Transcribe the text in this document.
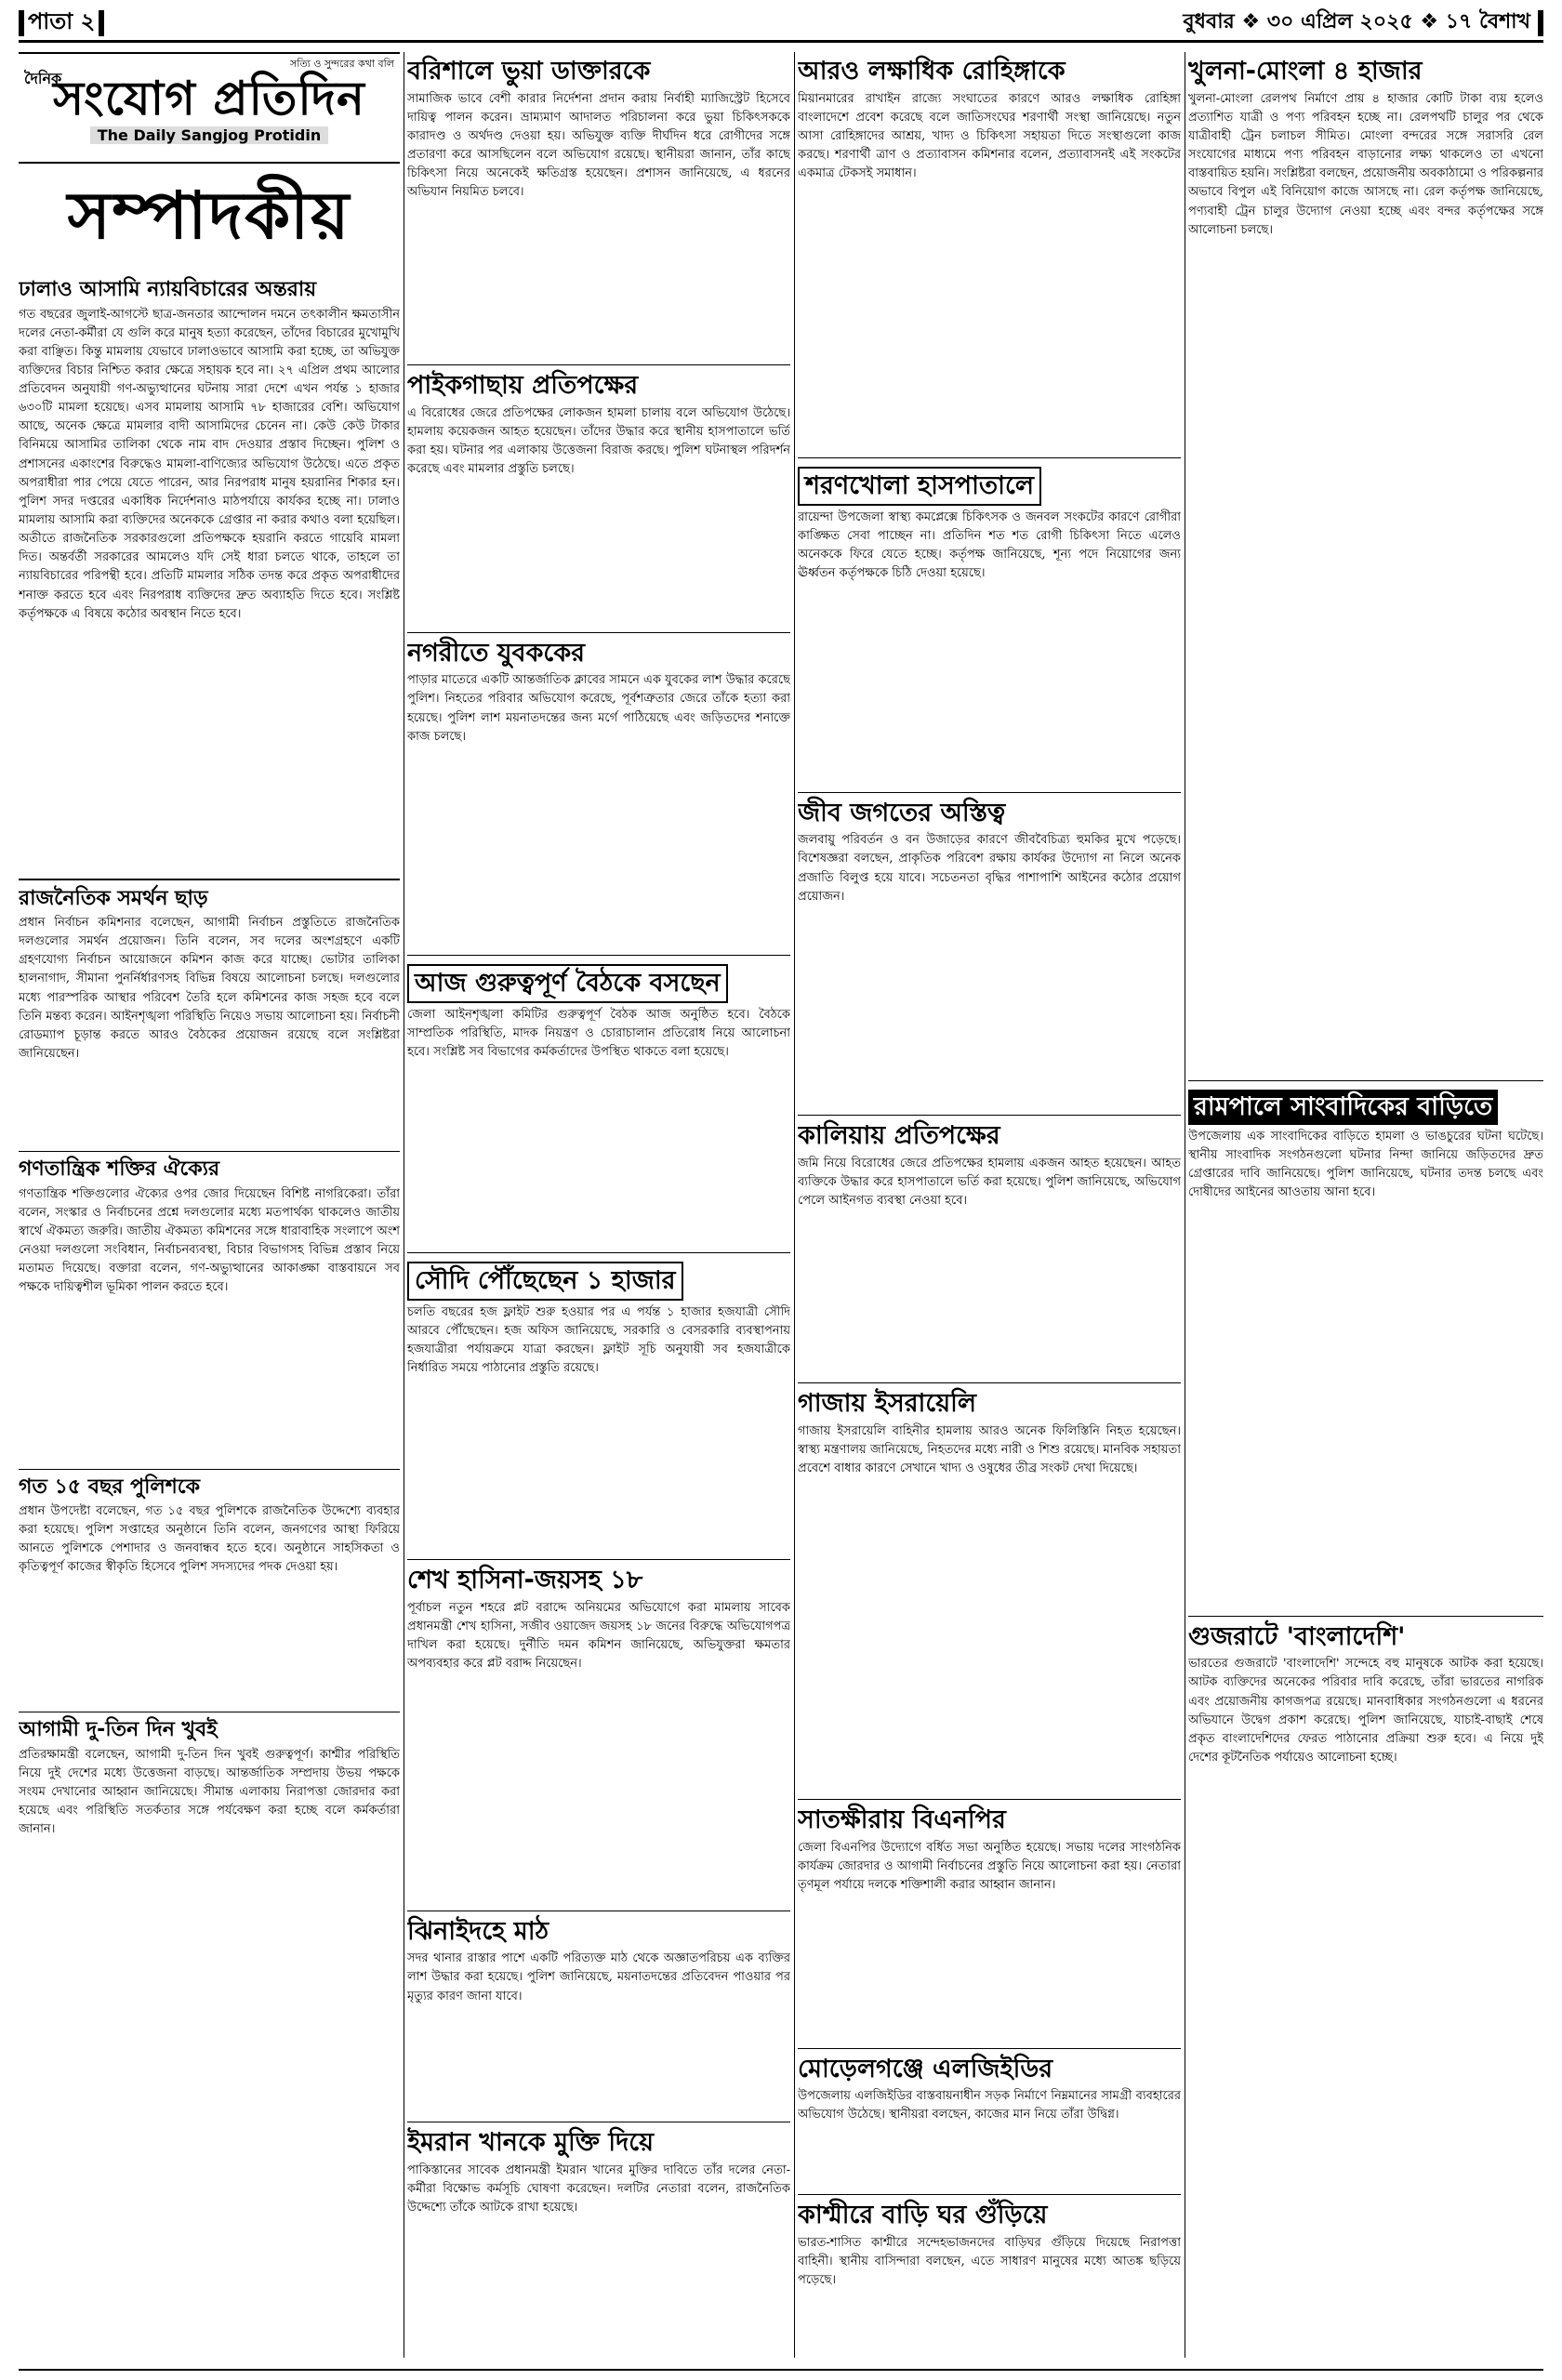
পাতা ২	বুধবার ❖ ৩০ এপ্রিল ২০২৫ ❖ ১৭ বৈশাখ
সত্যি ও সুন্দরের কথা বলি
দৈনিক
সংযোগ প্রতিদিন
The Daily Sangjog Protidin
সম্পাদকীয়
ঢালাও আসামি ন্যায়বিচারের অন্তরায়
গত বছরের জুলাই-আগস্টে ছাত্র-জনতার আন্দোলন দমনে তৎকালীন ক্ষমতাসীন দলের নেতা-কর্মীরা যে গুলি করে মানুষ হত্যা করেছেন, তাঁদের বিচারের মুখোমুখি করা বাঞ্ছিত। কিন্তু মামলায় যেভাবে ঢালাওভাবে আসামি করা হচ্ছে, তা অভিযুক্ত ব্যক্তিদের বিচার নিশ্চিত করার ক্ষেত্রে সহায়ক হবে না। ২৭ এপ্রিল প্রথম আলোর প্রতিবেদন অনুযায়ী গণ-অভ্যুত্থানের ঘটনায় সারা দেশে এখন পর্যন্ত ১ হাজার ৬৩০টি মামলা হয়েছে। এসব মামলায় আসামি ৭৮ হাজারের বেশি। অভিযোগ আছে, অনেক ক্ষেত্রে মামলার বাদী আসামিদের চেনেন না। কেউ কেউ টাকার বিনিময়ে আসামির তালিকা থেকে নাম বাদ দেওয়ার প্রস্তাব দিচ্ছেন। পুলিশ ও প্রশাসনের একাংশের বিরুদ্ধেও মামলা-বাণিজ্যের অভিযোগ উঠেছে। এতে প্রকৃত অপরাধীরা পার পেয়ে যেতে পারেন, আর নিরপরাধ মানুষ হয়রানির শিকার হন। পুলিশ সদর দপ্তরের একাধিক নির্দেশনাও মাঠপর্যায়ে কার্যকর হচ্ছে না। ঢালাও মামলায় আসামি করা ব্যক্তিদের অনেককে গ্রেপ্তার না করার কথাও বলা হয়েছিল। অতীতে রাজনৈতিক সরকারগুলো প্রতিপক্ষকে হয়রানি করতে গায়েবি মামলা দিত। অন্তর্বর্তী সরকারের আমলেও যদি সেই ধারা চলতে থাকে, তাহলে তা ন্যায়বিচারের পরিপন্থী হবে। প্রতিটি মামলার সঠিক তদন্ত করে প্রকৃত অপরাধীদের শনাক্ত করতে হবে এবং নিরপরাধ ব্যক্তিদের দ্রুত অব্যাহতি দিতে হবে। সংশ্লিষ্ট কর্তৃপক্ষকে এ বিষয়ে কঠোর অবস্থান নিতে হবে।
রাজনৈতিক সমর্থন ছাড়
প্রধান নির্বাচন কমিশনার বলেছেন, আগামী নির্বাচন প্রস্তুতিতে রাজনৈতিক দলগুলোর সমর্থন প্রয়োজন। তিনি বলেন, সব দলের অংশগ্রহণে একটি গ্রহণযোগ্য নির্বাচন আয়োজনে কমিশন কাজ করে যাচ্ছে। ভোটার তালিকা হালনাগাদ, সীমানা পুনর্নির্ধারণসহ বিভিন্ন বিষয়ে আলোচনা চলছে। দলগুলোর মধ্যে পারস্পরিক আস্থার পরিবেশ তৈরি হলে কমিশনের কাজ সহজ হবে বলে তিনি মন্তব্য করেন। আইনশৃঙ্খলা পরিস্থিতি নিয়েও সভায় আলোচনা হয়। নির্বাচনী রোডম্যাপ চূড়ান্ত করতে আরও বৈঠকের প্রয়োজন রয়েছে বলে সংশ্লিষ্টরা জানিয়েছেন।
গণতান্ত্রিক শক্তির ঐক্যের
গণতান্ত্রিক শক্তিগুলোর ঐক্যের ওপর জোর দিয়েছেন বিশিষ্ট নাগরিকেরা। তাঁরা বলেন, সংস্কার ও নির্বাচনের প্রশ্নে দলগুলোর মধ্যে মতপার্থক্য থাকলেও জাতীয় স্বার্থে ঐকমত্য জরুরি। জাতীয় ঐকমত্য কমিশনের সঙ্গে ধারাবাহিক সংলাপে অংশ নেওয়া দলগুলো সংবিধান, নির্বাচনব্যবস্থা, বিচার বিভাগসহ বিভিন্ন প্রস্তাব নিয়ে মতামত দিয়েছে। বক্তারা বলেন, গণ-অভ্যুত্থানের আকাঙ্ক্ষা বাস্তবায়নে সব পক্ষকে দায়িত্বশীল ভূমিকা পালন করতে হবে।
গত ১৫ বছর পুলিশকে
প্রধান উপদেষ্টা বলেছেন, গত ১৫ বছর পুলিশকে রাজনৈতিক উদ্দেশ্যে ব্যবহার করা হয়েছে। পুলিশ সপ্তাহের অনুষ্ঠানে তিনি বলেন, জনগণের আস্থা ফিরিয়ে আনতে পুলিশকে পেশাদার ও জনবান্ধব হতে হবে। অনুষ্ঠানে সাহসিকতা ও কৃতিত্বপূর্ণ কাজের স্বীকৃতি হিসেবে পুলিশ সদস্যদের পদক দেওয়া হয়।
আগামী দু-তিন দিন খুবই
প্রতিরক্ষামন্ত্রী বলেছেন, আগামী দু-তিন দিন খুবই গুরুত্বপূর্ণ। কাশ্মীর পরিস্থিতি নিয়ে দুই দেশের মধ্যে উত্তেজনা বাড়ছে। আন্তর্জাতিক সম্প্রদায় উভয় পক্ষকে সংযম দেখানোর আহ্বান জানিয়েছে। সীমান্ত এলাকায় নিরাপত্তা জোরদার করা হয়েছে এবং পরিস্থিতি সতর্কতার সঙ্গে পর্যবেক্ষণ করা হচ্ছে বলে কর্মকর্তারা জানান।
বরিশালে ভুয়া ডাক্তারকে
সামাজিক ভাবে বেশী কারার নির্দেশনা প্রদান করায় নির্বাহী ম্যাজিস্ট্রেট হিসেবে দায়িত্ব পালন করেন। ভ্রাম্যমাণ আদালত পরিচালনা করে ভুয়া চিকিৎসককে কারাদণ্ড ও অর্থদণ্ড দেওয়া হয়। অভিযুক্ত ব্যক্তি দীর্ঘদিন ধরে রোগীদের সঙ্গে প্রতারণা করে আসছিলেন বলে অভিযোগ রয়েছে। স্থানীয়রা জানান, তাঁর কাছে চিকিৎসা নিয়ে অনেকেই ক্ষতিগ্রস্ত হয়েছেন। প্রশাসন জানিয়েছে, এ ধরনের অভিযান নিয়মিত চলবে।
পাইকগাছায় প্রতিপক্ষের
এ বিরোধের জেরে প্রতিপক্ষের লোকজন হামলা চালায় বলে অভিযোগ উঠেছে। হামলায় কয়েকজন আহত হয়েছেন। তাঁদের উদ্ধার করে স্থানীয় হাসপাতালে ভর্তি করা হয়। ঘটনার পর এলাকায় উত্তেজনা বিরাজ করছে। পুলিশ ঘটনাস্থল পরিদর্শন করেছে এবং মামলার প্রস্তুতি চলছে।
নগরীতে যুবককের
পাড়ার মাতেরে একটি আন্তর্জাতিক ক্লাবের সামনে এক যুবকের লাশ উদ্ধার করেছে পুলিশ। নিহতের পরিবার অভিযোগ করেছে, পূর্বশত্রুতার জেরে তাঁকে হত্যা করা হয়েছে। পুলিশ লাশ ময়নাতদন্তের জন্য মর্গে পাঠিয়েছে এবং জড়িতদের শনাক্তে কাজ চলছে।
আজ গুরুত্বপূর্ণ বৈঠকে বসছেন
জেলা আইনশৃঙ্খলা কমিটির গুরুত্বপূর্ণ বৈঠক আজ অনুষ্ঠিত হবে। বৈঠকে সাম্প্রতিক পরিস্থিতি, মাদক নিয়ন্ত্রণ ও চোরাচালান প্রতিরোধ নিয়ে আলোচনা হবে। সংশ্লিষ্ট সব বিভাগের কর্মকর্তাদের উপস্থিত থাকতে বলা হয়েছে।
সৌদি পৌঁছেছেন ১ হাজার
চলতি বছরের হজ ফ্লাইট শুরু হওয়ার পর এ পর্যন্ত ১ হাজার হজযাত্রী সৌদি আরবে পৌঁছেছেন। হজ অফিস জানিয়েছে, সরকারি ও বেসরকারি ব্যবস্থাপনায় হজযাত্রীরা পর্যায়ক্রমে যাত্রা করছেন। ফ্লাইট সূচি অনুযায়ী সব হজযাত্রীকে নির্ধারিত সময়ে পাঠানোর প্রস্তুতি রয়েছে।
শেখ হাসিনা-জয়সহ ১৮
পূর্বাচল নতুন শহরে প্লট বরাদ্দে অনিয়মের অভিযোগে করা মামলায় সাবেক প্রধানমন্ত্রী শেখ হাসিনা, সজীব ওয়াজেদ জয়সহ ১৮ জনের বিরুদ্ধে অভিযোগপত্র দাখিল করা হয়েছে। দুর্নীতি দমন কমিশন জানিয়েছে, অভিযুক্তরা ক্ষমতার অপব্যবহার করে প্লট বরাদ্দ নিয়েছেন।
ঝিনাইদহে মাঠ
সদর থানার রাস্তার পাশে একটি পরিত্যক্ত মাঠ থেকে অজ্ঞাতপরিচয় এক ব্যক্তির লাশ উদ্ধার করা হয়েছে। পুলিশ জানিয়েছে, ময়নাতদন্তের প্রতিবেদন পাওয়ার পর মৃত্যুর কারণ জানা যাবে।
ইমরান খানকে মুক্তি দিয়ে
পাকিস্তানের সাবেক প্রধানমন্ত্রী ইমরান খানের মুক্তির দাবিতে তাঁর দলের নেতা-কর্মীরা বিক্ষোভ কর্মসূচি ঘোষণা করেছেন। দলটির নেতারা বলেন, রাজনৈতিক উদ্দেশ্যে তাঁকে আটকে রাখা হয়েছে।
আরও লক্ষাধিক রোহিঙ্গাকে
মিয়ানমারের রাখাইন রাজ্যে সংঘাতের কারণে আরও লক্ষাধিক রোহিঙ্গা বাংলাদেশে প্রবেশ করেছে বলে জাতিসংঘের শরণার্থী সংস্থা জানিয়েছে। নতুন আসা রোহিঙ্গাদের আশ্রয়, খাদ্য ও চিকিৎসা সহায়তা দিতে সংস্থাগুলো কাজ করছে। শরণার্থী ত্রাণ ও প্রত্যাবাসন কমিশনার বলেন, প্রত্যাবাসনই এই সংকটের একমাত্র টেকসই সমাধান।
শরণখোলা হাসপাতালে
রায়েন্দা উপজেলা স্বাস্থ্য কমপ্লেক্সে চিকিৎসক ও জনবল সংকটের কারণে রোগীরা কাঙ্ক্ষিত সেবা পাচ্ছেন না। প্রতিদিন শত শত রোগী চিকিৎসা নিতে এলেও অনেককে ফিরে যেতে হচ্ছে। কর্তৃপক্ষ জানিয়েছে, শূন্য পদে নিয়োগের জন্য ঊর্ধ্বতন কর্তৃপক্ষকে চিঠি দেওয়া হয়েছে।
জীব জগতের অস্তিত্ব
জলবায়ু পরিবর্তন ও বন উজাড়ের কারণে জীববৈচিত্র্য হুমকির মুখে পড়েছে। বিশেষজ্ঞরা বলছেন, প্রাকৃতিক পরিবেশ রক্ষায় কার্যকর উদ্যোগ না নিলে অনেক প্রজাতি বিলুপ্ত হয়ে যাবে। সচেতনতা বৃদ্ধির পাশাপাশি আইনের কঠোর প্রয়োগ প্রয়োজন।
কালিয়ায় প্রতিপক্ষের
জমি নিয়ে বিরোধের জেরে প্রতিপক্ষের হামলায় একজন আহত হয়েছেন। আহত ব্যক্তিকে উদ্ধার করে হাসপাতালে ভর্তি করা হয়েছে। পুলিশ জানিয়েছে, অভিযোগ পেলে আইনগত ব্যবস্থা নেওয়া হবে।
গাজায় ইসরায়েলি
গাজায় ইসরায়েলি বাহিনীর হামলায় আরও অনেক ফিলিস্তিনি নিহত হয়েছেন। স্বাস্থ্য মন্ত্রণালয় জানিয়েছে, নিহতদের মধ্যে নারী ও শিশু রয়েছে। মানবিক সহায়তা প্রবেশে বাধার কারণে সেখানে খাদ্য ও ওষুধের তীব্র সংকট দেখা দিয়েছে।
সাতক্ষীরায় বিএনপির
জেলা বিএনপির উদ্যোগে বর্ধিত সভা অনুষ্ঠিত হয়েছে। সভায় দলের সাংগঠনিক কার্যক্রম জোরদার ও আগামী নির্বাচনের প্রস্তুতি নিয়ে আলোচনা করা হয়। নেতারা তৃণমূল পর্যায়ে দলকে শক্তিশালী করার আহ্বান জানান।
মোড়েলগঞ্জে এলজিইডির
উপজেলায় এলজিইডির বাস্তবায়নাধীন সড়ক নির্মাণে নিম্নমানের সামগ্রী ব্যবহারের অভিযোগ উঠেছে। স্থানীয়রা বলছেন, কাজের মান নিয়ে তাঁরা উদ্বিগ্ন।
কাশ্মীরে বাড়ি ঘর গুঁড়িয়ে
ভারত-শাসিত কাশ্মীরে সন্দেহভাজনদের বাড়িঘর গুঁড়িয়ে দিয়েছে নিরাপত্তা বাহিনী। স্থানীয় বাসিন্দারা বলছেন, এতে সাধারণ মানুষের মধ্যে আতঙ্ক ছড়িয়ে পড়েছে।
খুলনা-মোংলা ৪ হাজার
খুলনা-মোংলা রেলপথ নির্মাণে প্রায় ৪ হাজার কোটি টাকা ব্যয় হলেও প্রত্যাশিত যাত্রী ও পণ্য পরিবহন হচ্ছে না। রেলপথটি চালুর পর থেকে যাত্রীবাহী ট্রেন চলাচল সীমিত। মোংলা বন্দরের সঙ্গে সরাসরি রেল সংযোগের মাধ্যমে পণ্য পরিবহন বাড়ানোর লক্ষ্য থাকলেও তা এখনো বাস্তবায়িত হয়নি। সংশ্লিষ্টরা বলছেন, প্রয়োজনীয় অবকাঠামো ও পরিকল্পনার অভাবে বিপুল এই বিনিয়োগ কাজে আসছে না। রেল কর্তৃপক্ষ জানিয়েছে, পণ্যবাহী ট্রেন চালুর উদ্যোগ নেওয়া হচ্ছে এবং বন্দর কর্তৃপক্ষের সঙ্গে আলোচনা চলছে।
রামপালে সাংবাদিকের বাড়িতে
উপজেলায় এক সাংবাদিকের বাড়িতে হামলা ও ভাঙচুরের ঘটনা ঘটেছে। স্থানীয় সাংবাদিক সংগঠনগুলো ঘটনার নিন্দা জানিয়ে জড়িতদের দ্রুত গ্রেপ্তারের দাবি জানিয়েছে। পুলিশ জানিয়েছে, ঘটনার তদন্ত চলছে এবং দোষীদের আইনের আওতায় আনা হবে।
গুজরাটে 'বাংলাদেশি'
ভারতের গুজরাটে 'বাংলাদেশি' সন্দেহে বহু মানুষকে আটক করা হয়েছে। আটক ব্যক্তিদের অনেকের পরিবার দাবি করেছে, তাঁরা ভারতের নাগরিক এবং প্রয়োজনীয় কাগজপত্র রয়েছে। মানবাধিকার সংগঠনগুলো এ ধরনের অভিযানে উদ্বেগ প্রকাশ করেছে। পুলিশ জানিয়েছে, যাচাই-বাছাই শেষে প্রকৃত বাংলাদেশিদের ফেরত পাঠানোর প্রক্রিয়া শুরু হবে। এ নিয়ে দুই দেশের কূটনৈতিক পর্যায়েও আলোচনা হচ্ছে।
